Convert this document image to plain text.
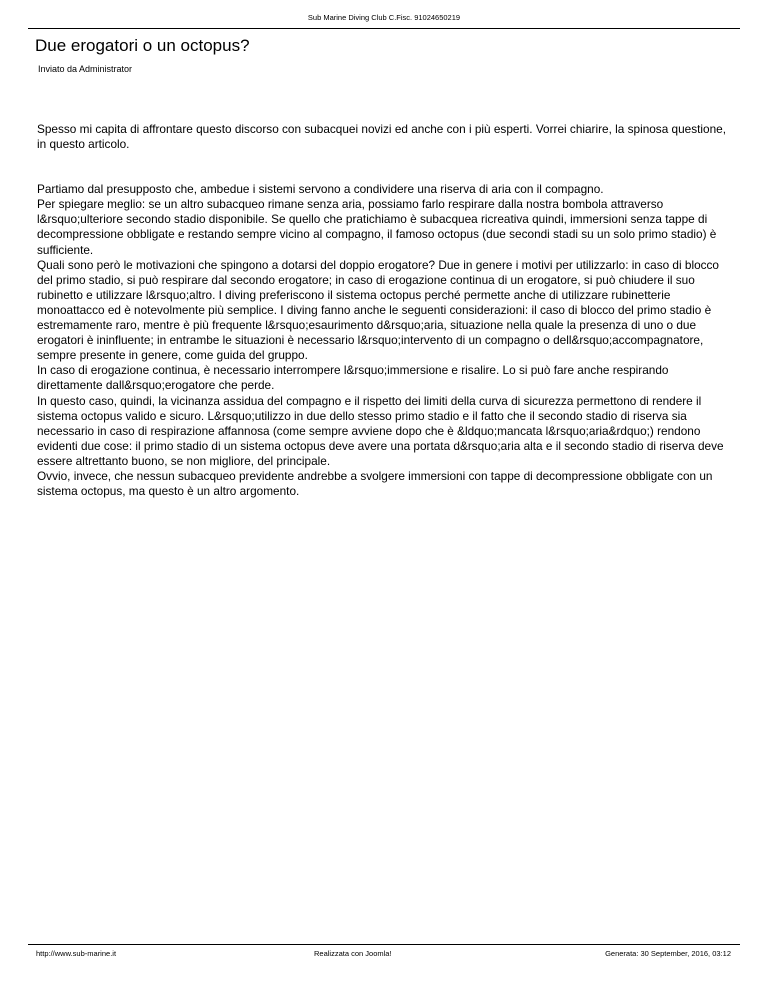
Sub Marine Diving Club C.Fisc. 91024650219
Due erogatori o un octopus?
Inviato da Administrator

Spesso mi capita di affrontare questo discorso con subacquei novizi ed anche con i più esperti. Vorrei chiarire, la spinosa questione, in questo articolo.

Partiamo dal presupposto che, ambedue i sistemi servono a condividere una riserva di aria con il compagno.

Per spiegare meglio: se un altro subacqueo rimane senza aria, possiamo farlo respirare dalla nostra bombola attraverso l&rsquo;ulteriore secondo stadio disponibile. Se quello che pratichiamo è subacquea ricreativa quindi, immersioni senza tappe di decompressione obbligate e restando sempre vicino al compagno, il famoso octopus (due secondi stadi su un solo primo stadio) è sufficiente.

Quali sono però le motivazioni che spingono a dotarsi del doppio erogatore? Due in genere i motivi per utilizzarlo: in caso di blocco del primo stadio, si può respirare dal secondo erogatore; in caso di erogazione continua di un erogatore, si può chiudere il suo rubinetto e utilizzare l&rsquo;altro. I diving preferiscono il sistema octopus perché permette anche di utilizzare rubinetterie monoattacco ed è notevolmente più semplice. I diving fanno anche le seguenti considerazioni: il caso di blocco del primo stadio è estremamente raro, mentre è più frequente l&rsquo;esaurimento d&rsquo;aria, situazione nella quale la presenza di uno o due erogatori è ininfluente; in entrambe le situazioni è necessario l&rsquo;intervento di un compagno o dell&rsquo;accompagnatore, sempre presente in genere, come guida del gruppo.

In caso di erogazione continua, è necessario interrompere l&rsquo;immersione e risalire. Lo si può fare anche respirando direttamente dall&rsquo;erogatore che perde.

In questo caso, quindi, la vicinanza assidua del compagno e il rispetto dei limiti della curva di sicurezza permettono di rendere il sistema octopus valido e sicuro. L&rsquo;utilizzo in due dello stesso primo stadio e il fatto che il secondo stadio di riserva sia necessario in caso di respirazione affannosa (come sempre avviene dopo che è &ldquo;mancata l&rsquo;aria&rdquo;) rendono evidenti due cose: il primo stadio di un sistema octopus deve avere una portata d&rsquo;aria alta e il secondo stadio di riserva deve essere altrettanto buono, se non migliore, del principale.

Ovvio, invece, che nessun subacqueo previdente andrebbe a svolgere immersioni con tappe di decompressione obbligate con un sistema octopus, ma questo è un altro argomento.

http://www.sub-marine.it	Realizzata con Joomla!	Generata: 30 September, 2016, 03:12
